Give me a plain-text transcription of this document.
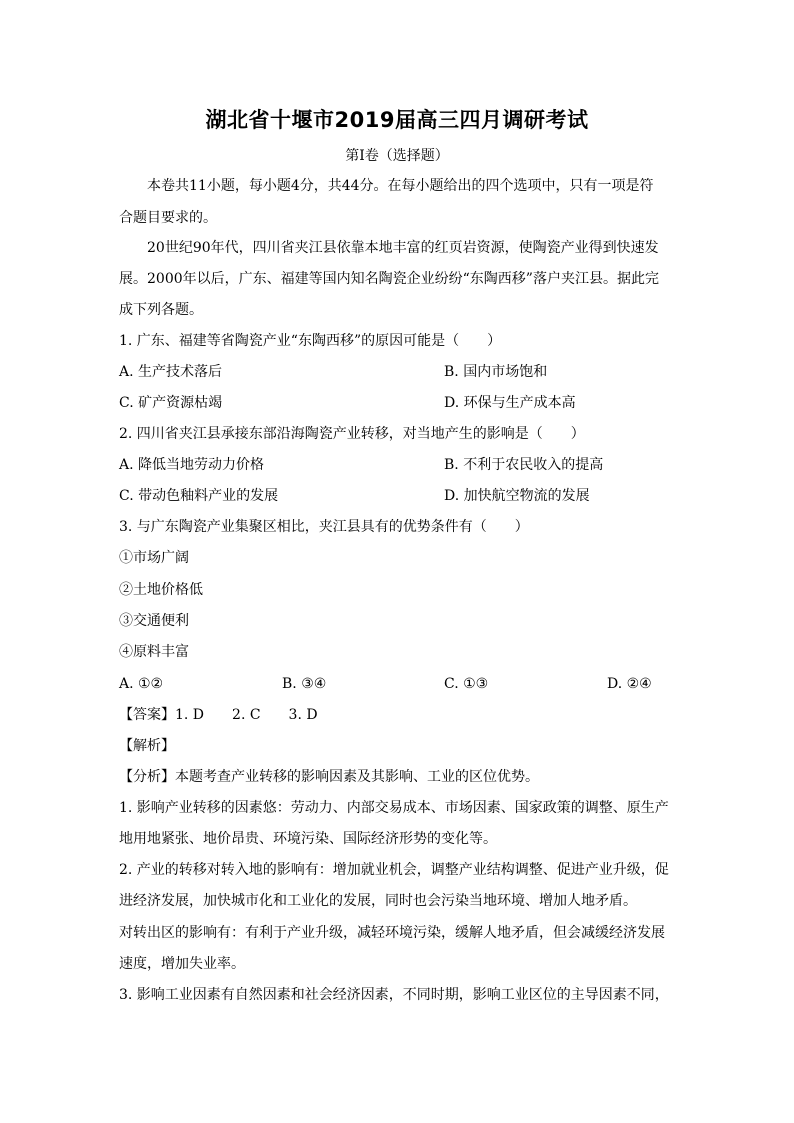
湖北省十堰市2019届高三四月调研考试
第Ⅰ卷（选择题）
本卷共11小题，每小题4分，共44分。在每小题给出的四个选项中，只有一项是符
合题目要求的。
20世纪90年代，四川省夹江县依靠本地丰富的红页岩资源，使陶瓷产业得到快速发
展。2000年以后，广东、福建等国内知名陶瓷企业纷纷“东陶西移”落户夹江县。据此完
成下列各题。
1. 广东、福建等省陶瓷产业“东陶西移”的原因可能是（　　）
A. 生产技术落后	B. 国内市场饱和
C. 矿产资源枯竭	D. 环保与生产成本高
2. 四川省夹江县承接东部沿海陶瓷产业转移，对当地产生的影响是（　　）
A. 降低当地劳动力价格	B. 不利于农民收入的提高
C. 带动色釉料产业的发展	D. 加快航空物流的发展
3. 与广东陶瓷产业集聚区相比，夹江县具有的优势条件有（　　）
①市场广阔
②土地价格低
③交通便利
④原料丰富
A. ①②	B. ③④	C. ①③	D. ②④
【答案】1. D　　2. C　　3. D
【解析】
【分析】本题考查产业转移的影响因素及其影响、工业的区位优势。
1. 影响产业转移的因素悠：劳动力、内部交易成本、市场因素、国家政策的调整、原生产
地用地紧张、地价昂贵、环境污染、国际经济形势的变化等。
2. 产业的转移对转入地的影响有：增加就业机会，调整产业结构调整、促进产业升级，促
进经济发展，加快城市化和工业化的发展，同时也会污染当地环境、增加人地矛盾。
对转出区的影响有：有利于产业升级，减轻环境污染，缓解人地矛盾，但会减缓经济发展
速度，增加失业率。
3. 影响工业因素有自然因素和社会经济因素，不同时期，影响工业区位的主导因素不同，
